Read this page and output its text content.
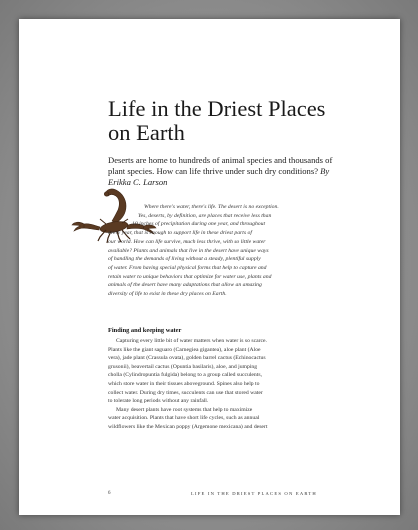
Life in the Driest Places
on Earth

Deserts are home to hundreds of animal species and thousands of plant species. How can life thrive under such dry conditions? By Erikka C. Larson

Where there's water, there's life. The desert is no exception.
Yes, deserts, by definition, are places that receive less than
10 inches of precipitation during one year, and throughout
every year, that is enough to support life in these driest parts of
our world. How can life survive, much less thrive, with so little water
available? Plants and animals that live in the desert have unique ways
of handling the demands of living without a steady, plentiful supply
of water. From having special physical forms that help to capture and
retain water to unique behaviors that optimize for water use, plants and
animals of the desert have many adaptations that allow an amazing
diversity of life to exist in these dry places on Earth.

Finding and keeping water

Capturing every little bit of water matters when water is so scarce.
Plants like the giant saguaro (Carnegiea gigantea), aloe plant (Aloe
vera), jade plant (Crassula ovata), golden barrel cactus (Echinocactus
grusonii), beavertail cactus (Opuntia basilaris), aloe, and jumping
cholla (Cylindropuntia fulgida) belong to a group called succulents,
which store water in their tissues aboveground. Spines also help to
collect water. During dry times, succulents can use that stored water
to tolerate long periods without any rainfall.
Many desert plants have root systems that help to maximize
water acquisition. Plants that have short life cycles, such as annual
wildflowers like the Mexican poppy (Argemone mexicana) and desert

6	LIFE IN THE DRIEST PLACES ON EARTH
